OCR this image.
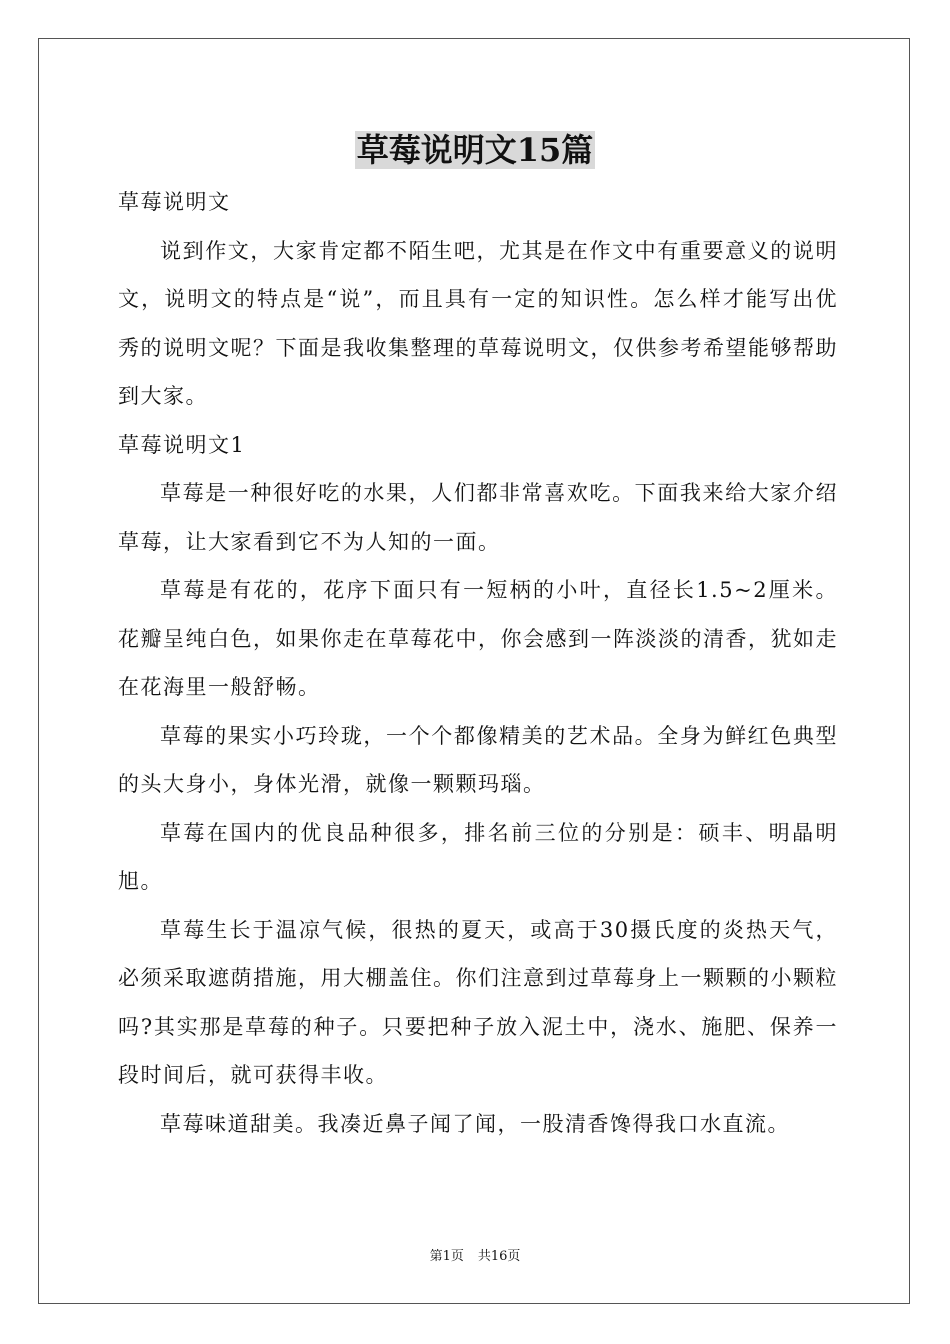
草莓说明文15篇

草莓说明文

说到作文，大家肯定都不陌生吧，尤其是在作文中有重要意义的说明文，说明文的特点是“说”，而且具有一定的知识性。怎么样才能写出优秀的说明文呢？下面是我收集整理的草莓说明文，仅供参考希望能够帮助到大家。

草莓说明文1

草莓是一种很好吃的水果，人们都非常喜欢吃。下面我来给大家介绍草莓，让大家看到它不为人知的一面。

草莓是有花的，花序下面只有一短柄的小叶，直径长1.5~2厘米。花瓣呈纯白色，如果你走在草莓花中，你会感到一阵淡淡的清香，犹如走在花海里一般舒畅。

草莓的果实小巧玲珑，一个个都像精美的艺术品。全身为鲜红色典型的头大身小，身体光滑，就像一颗颗玛瑙。

草莓在国内的优良品种很多，排名前三位的分别是：硕丰、明晶明旭。

草莓生长于温凉气候，很热的夏天，或高于30摄氏度的炎热天气，必须采取遮荫措施，用大棚盖住。你们注意到过草莓身上一颗颗的小颗粒吗?其实那是草莓的种子。只要把种子放入泥土中，浇水、施肥、保养一段时间后，就可获得丰收。

草莓味道甜美。我凑近鼻子闻了闻，一股清香馋得我口水直流。

第1页 共16页
